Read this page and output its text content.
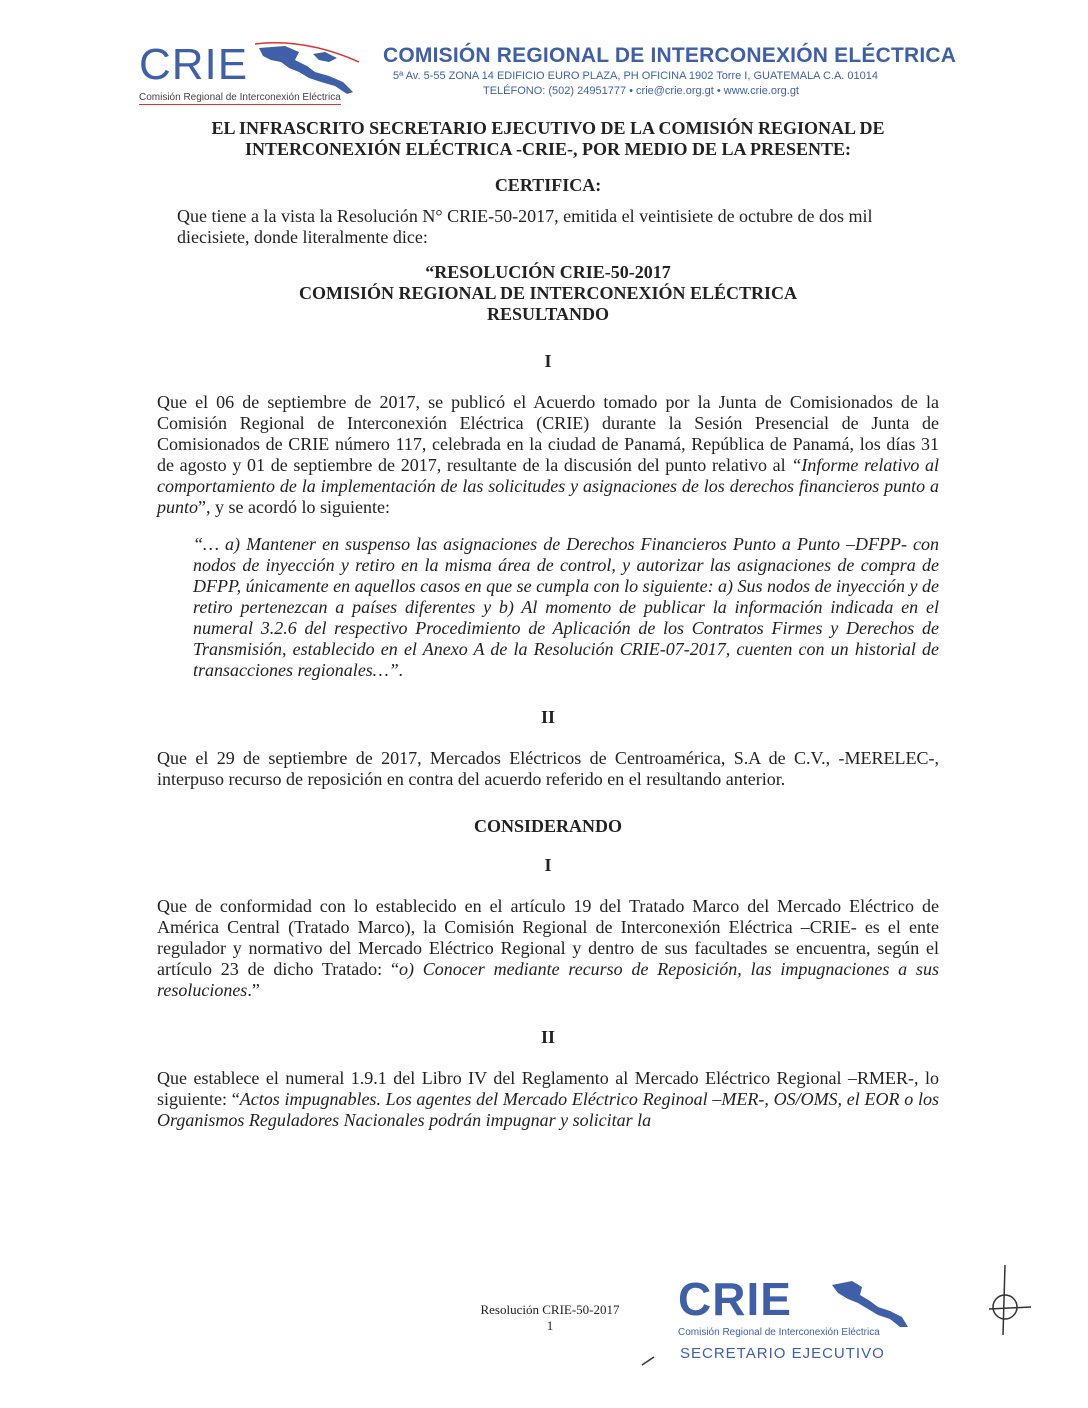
CRIE
Comisión Regional de Interconexión Eléctrica
COMISIÓN REGIONAL DE INTERCONEXIÓN ELÉCTRICA
5ª Av. 5-55 ZONA 14 EDIFICIO EURO PLAZA, PH OFICINA 1902 Torre I, GUATEMALA C.A. 01014
TELÉFONO: (502) 24951777 • crie@crie.org.gt • www.crie.org.gt

EL INFRASCRITO SECRETARIO EJECUTIVO DE LA COMISIÓN REGIONAL DE INTERCONEXIÓN ELÉCTRICA -CRIE-, POR MEDIO DE LA PRESENTE:

CERTIFICA:

Que tiene a la vista la Resolución N° CRIE-50-2017, emitida el veintisiete de octubre de dos mil diecisiete, donde literalmente dice:

“RESOLUCIÓN CRIE-50-2017
COMISIÓN REGIONAL DE INTERCONEXIÓN ELÉCTRICA
RESULTANDO

I

Que el 06 de septiembre de 2017, se publicó el Acuerdo tomado por la Junta de Comisionados de la Comisión Regional de Interconexión Eléctrica (CRIE) durante la Sesión Presencial de Junta de Comisionados de CRIE número 117, celebrada en la ciudad de Panamá, República de Panamá, los días 31 de agosto y 01 de septiembre de 2017, resultante de la discusión del punto relativo al “Informe relativo al comportamiento de la implementación de las solicitudes y asignaciones de los derechos financieros punto a punto”, y se acordó lo siguiente:

“… a) Mantener en suspenso las asignaciones de Derechos Financieros Punto a Punto –DFPP- con nodos de inyección y retiro en la misma área de control, y autorizar las asignaciones de compra de DFPP, únicamente en aquellos casos en que se cumpla con lo siguiente: a) Sus nodos de inyección y de retiro pertenezcan a países diferentes y b) Al momento de publicar la información indicada en el numeral 3.2.6 del respectivo Procedimiento de Aplicación de los Contratos Firmes y Derechos de Transmisión, establecido en el Anexo A de la Resolución CRIE-07-2017, cuenten con un historial de transacciones regionales…”.

II

Que el 29 de septiembre de 2017, Mercados Eléctricos de Centroamérica, S.A de C.V., -MERELEC-, interpuso recurso de reposición en contra del acuerdo referido en el resultando anterior.

CONSIDERANDO

I

Que de conformidad con lo establecido en el artículo 19 del Tratado Marco del Mercado Eléctrico de América Central (Tratado Marco), la Comisión Regional de Interconexión Eléctrica –CRIE- es el ente regulador y normativo del Mercado Eléctrico Regional y dentro de sus facultades se encuentra, según el artículo 23 de dicho Tratado: “o) Conocer mediante recurso de Reposición, las impugnaciones a sus resoluciones.”

II

Que establece el numeral 1.9.1 del Libro IV del Reglamento al Mercado Eléctrico Regional –RMER-, lo siguiente: “Actos impugnables. Los agentes del Mercado Eléctrico Reginoal –MER-, OS/OMS, el EOR o los Organismos Reguladores Nacionales podrán impugnar y solicitar la

Resolución CRIE-50-2017
1
CRIE
Comisión Regional de Interconexión Eléctrica
SECRETARIO EJECUTIVO
